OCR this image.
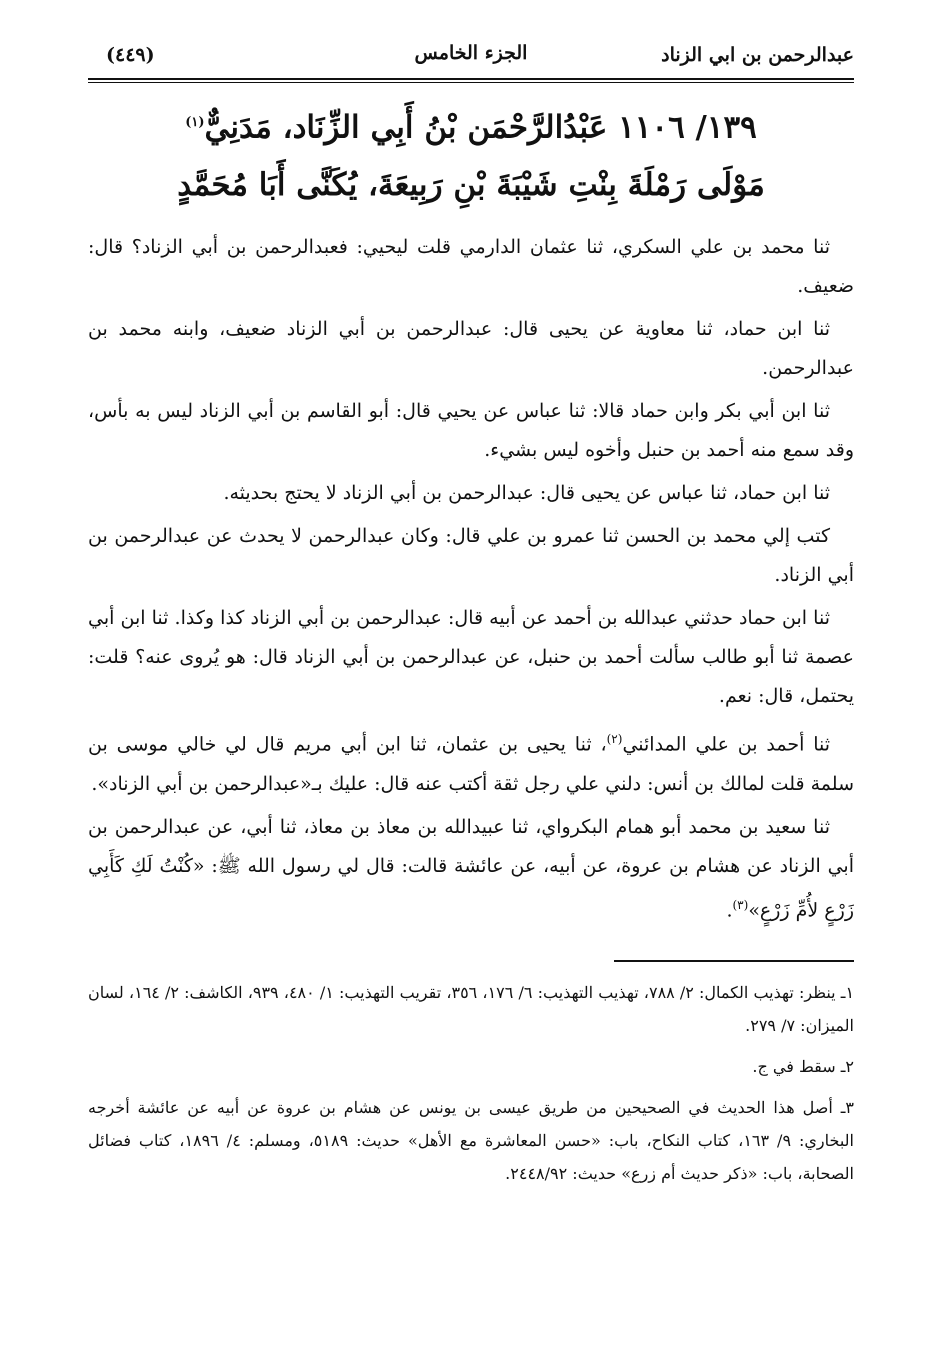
عبدالرحمن بن ابي الزناد
الجزء الخامس
(٤٤٩)
١٣٩/ ١١٠٦ عَبْدُالرَّحْمَن بْنُ أَبِي الزِّنَاد، مَدَنِيٌّ$^{(١)}$
مَوْلَى رَمْلَةَ بِنْتِ شَيْبَةَ بْنِ رَبِيعَةَ، يُكَنَّى أَبَا مُحَمَّدٍ

ثنا محمد بن علي السكري، ثنا عثمان الدارمي قلت ليحيي: فعبدالرحمن بن أبي الزناد؟ قال: ضعيف.

ثنا ابن حماد، ثنا معاوية عن يحيى قال: عبدالرحمن بن أبي الزناد ضعيف، وابنه محمد بن عبدالرحمن.

ثنا ابن أبي بكر وابن حماد قالا: ثنا عباس عن يحيي قال: أبو القاسم بن أبي الزناد ليس به بأس، وقد سمع منه أحمد بن حنبل وأخوه ليس بشيء.

ثنا ابن حماد، ثنا عباس عن يحيى قال: عبدالرحمن بن أبي الزناد لا يحتج بحديثه.

كتب إلي محمد بن الحسن ثنا عمرو بن علي قال: وكان عبدالرحمن لا يحدث عن عبدالرحمن بن أبي الزناد.

ثنا ابن حماد حدثني عبدالله بن أحمد عن أبيه قال: عبدالرحمن بن أبي الزناد كذا وكذا. ثنا ابن أبي عصمة ثنا أبو طالب سألت أحمد بن حنبل، عن عبدالرحمن بن أبي الزناد قال: هو يُروى عنه؟ قلت: يحتمل، قال: نعم.

ثنا أحمد بن علي المدائني$^{(٢)}$، ثنا يحيى بن عثمان، ثنا ابن أبي مريم قال لي خالي موسى بن سلمة قلت لمالك بن أنس: دلني علي رجل ثقة أكتب عنه قال: عليك بـ«عبدالرحمن بن أبي الزناد».

ثنا سعيد بن محمد أبو همام البكرواي، ثنا عبيدالله بن معاذ بن معاذ، ثنا أبي، عن عبدالرحمن بن أبي الزناد عن هشام بن عروة، عن أبيه، عن عائشة قالت: قال لي رسول الله ﷺ: «كُنْتُ لَكِ كَأَبِي زَرْعٍ لأُمِّ زَرْعٍ»$^{(٣)}$.

١ـ ينظر: تهذيب الكمال: ٢/ ٧٨٨، تهذيب التهذيب: ٦/ ١٧٦، ٣٥٦، تقريب التهذيب: ١/ ٤٨٠، ٩٣٩، الكاشف: ٢/ ١٦٤، لسان الميزان: ٧/ ٢٧٩.

٢ـ سقط في ج.

٣ـ أصل هذا الحديث في الصحيحين من طريق عيسى بن يونس عن هشام بن عروة عن أبيه عن عائشة أخرجه البخاري: ٩/ ١٦٣، كتاب النكاح، باب: «حسن المعاشرة مع الأهل» حديث: ٥١٨٩، ومسلم: ٤/ ١٨٩٦، كتاب فضائل الصحابة، باب: «ذكر حديث أم زرع» حديث: ٢٤٤٨/٩٢.
